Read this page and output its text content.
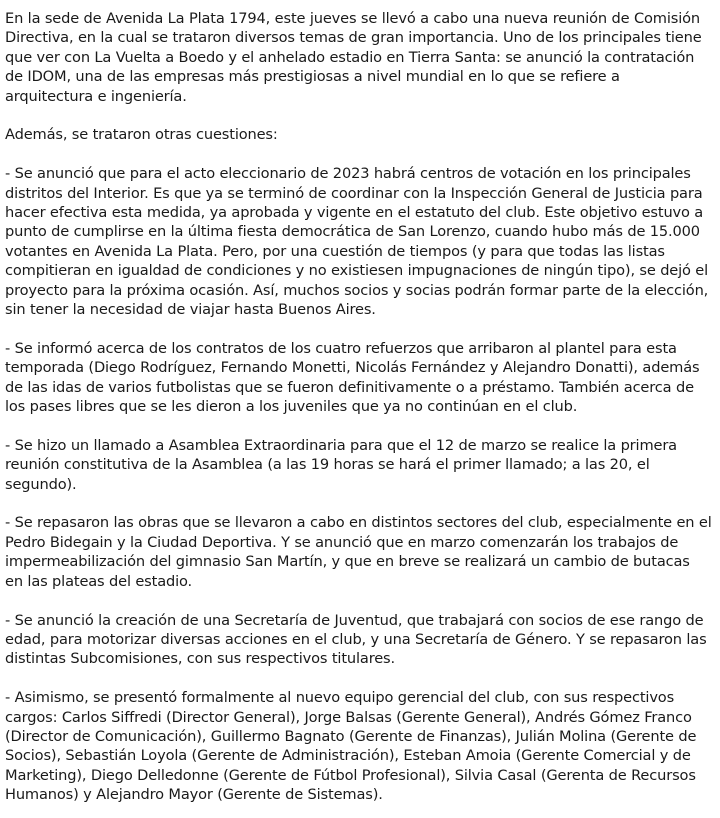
En la sede de Avenida La Plata 1794, este jueves se llevó a cabo una nueva reunión de Comisión Directiva, en la cual se trataron diversos temas de gran importancia. Uno de los principales tiene que ver con La Vuelta a Boedo y el anhelado estadio en Tierra Santa: se anunció la contratación de IDOM, una de las empresas más prestigiosas a nivel mundial en lo que se refiere a arquitectura e ingeniería.

Además, se trataron otras cuestiones:

- Se anunció que para el acto eleccionario de 2023 habrá centros de votación en los principales distritos del Interior. Es que ya se terminó de coordinar con la Inspección General de Justicia para hacer efectiva esta medida, ya aprobada y vigente en el estatuto del club. Este objetivo estuvo a punto de cumplirse en la última fiesta democrática de San Lorenzo, cuando hubo más de 15.000 votantes en Avenida La Plata. Pero, por una cuestión de tiempos (y para que todas las listas compitieran en igualdad de condiciones y no existiesen impugnaciones de ningún tipo), se dejó el proyecto para la próxima ocasión. Así, muchos socios y socias podrán formar parte de la elección, sin tener la necesidad de viajar hasta Buenos Aires.

- Se informó acerca de los contratos de los cuatro refuerzos que arribaron al plantel para esta temporada (Diego Rodríguez, Fernando Monetti, Nicolás Fernández y Alejandro Donatti), además de las idas de varios futbolistas que se fueron definitivamente o a préstamo. También acerca de los pases libres que se les dieron a los juveniles que ya no continúan en el club.

- Se hizo un llamado a Asamblea Extraordinaria para que el 12 de marzo se realice la primera reunión constitutiva de la Asamblea (a las 19 horas se hará el primer llamado; a las 20, el segundo).

- Se repasaron las obras que se llevaron a cabo en distintos sectores del club, especialmente en el Pedro Bidegain y la Ciudad Deportiva. Y se anunció que en marzo comenzarán los trabajos de impermeabilización del gimnasio San Martín, y que en breve se realizará un cambio de butacas en las plateas del estadio.

- Se anunció la creación de una Secretaría de Juventud, que trabajará con socios de ese rango de edad, para motorizar diversas acciones en el club, y una Secretaría de Género. Y se repasaron las distintas Subcomisiones, con sus respectivos titulares.

- Asimismo, se presentó formalmente al nuevo equipo gerencial del club, con sus respectivos cargos: Carlos Siffredi (Director General), Jorge Balsas (Gerente General), Andrés Gómez Franco (Director de Comunicación), Guillermo Bagnato (Gerente de Finanzas), Julián Molina (Gerente de Socios), Sebastián Loyola (Gerente de Administración), Esteban Amoia (Gerente Comercial y de Marketing), Diego Delledonne (Gerente de Fútbol Profesional), Silvia Casal (Gerenta de Recursos Humanos) y Alejandro Mayor (Gerente de Sistemas).
